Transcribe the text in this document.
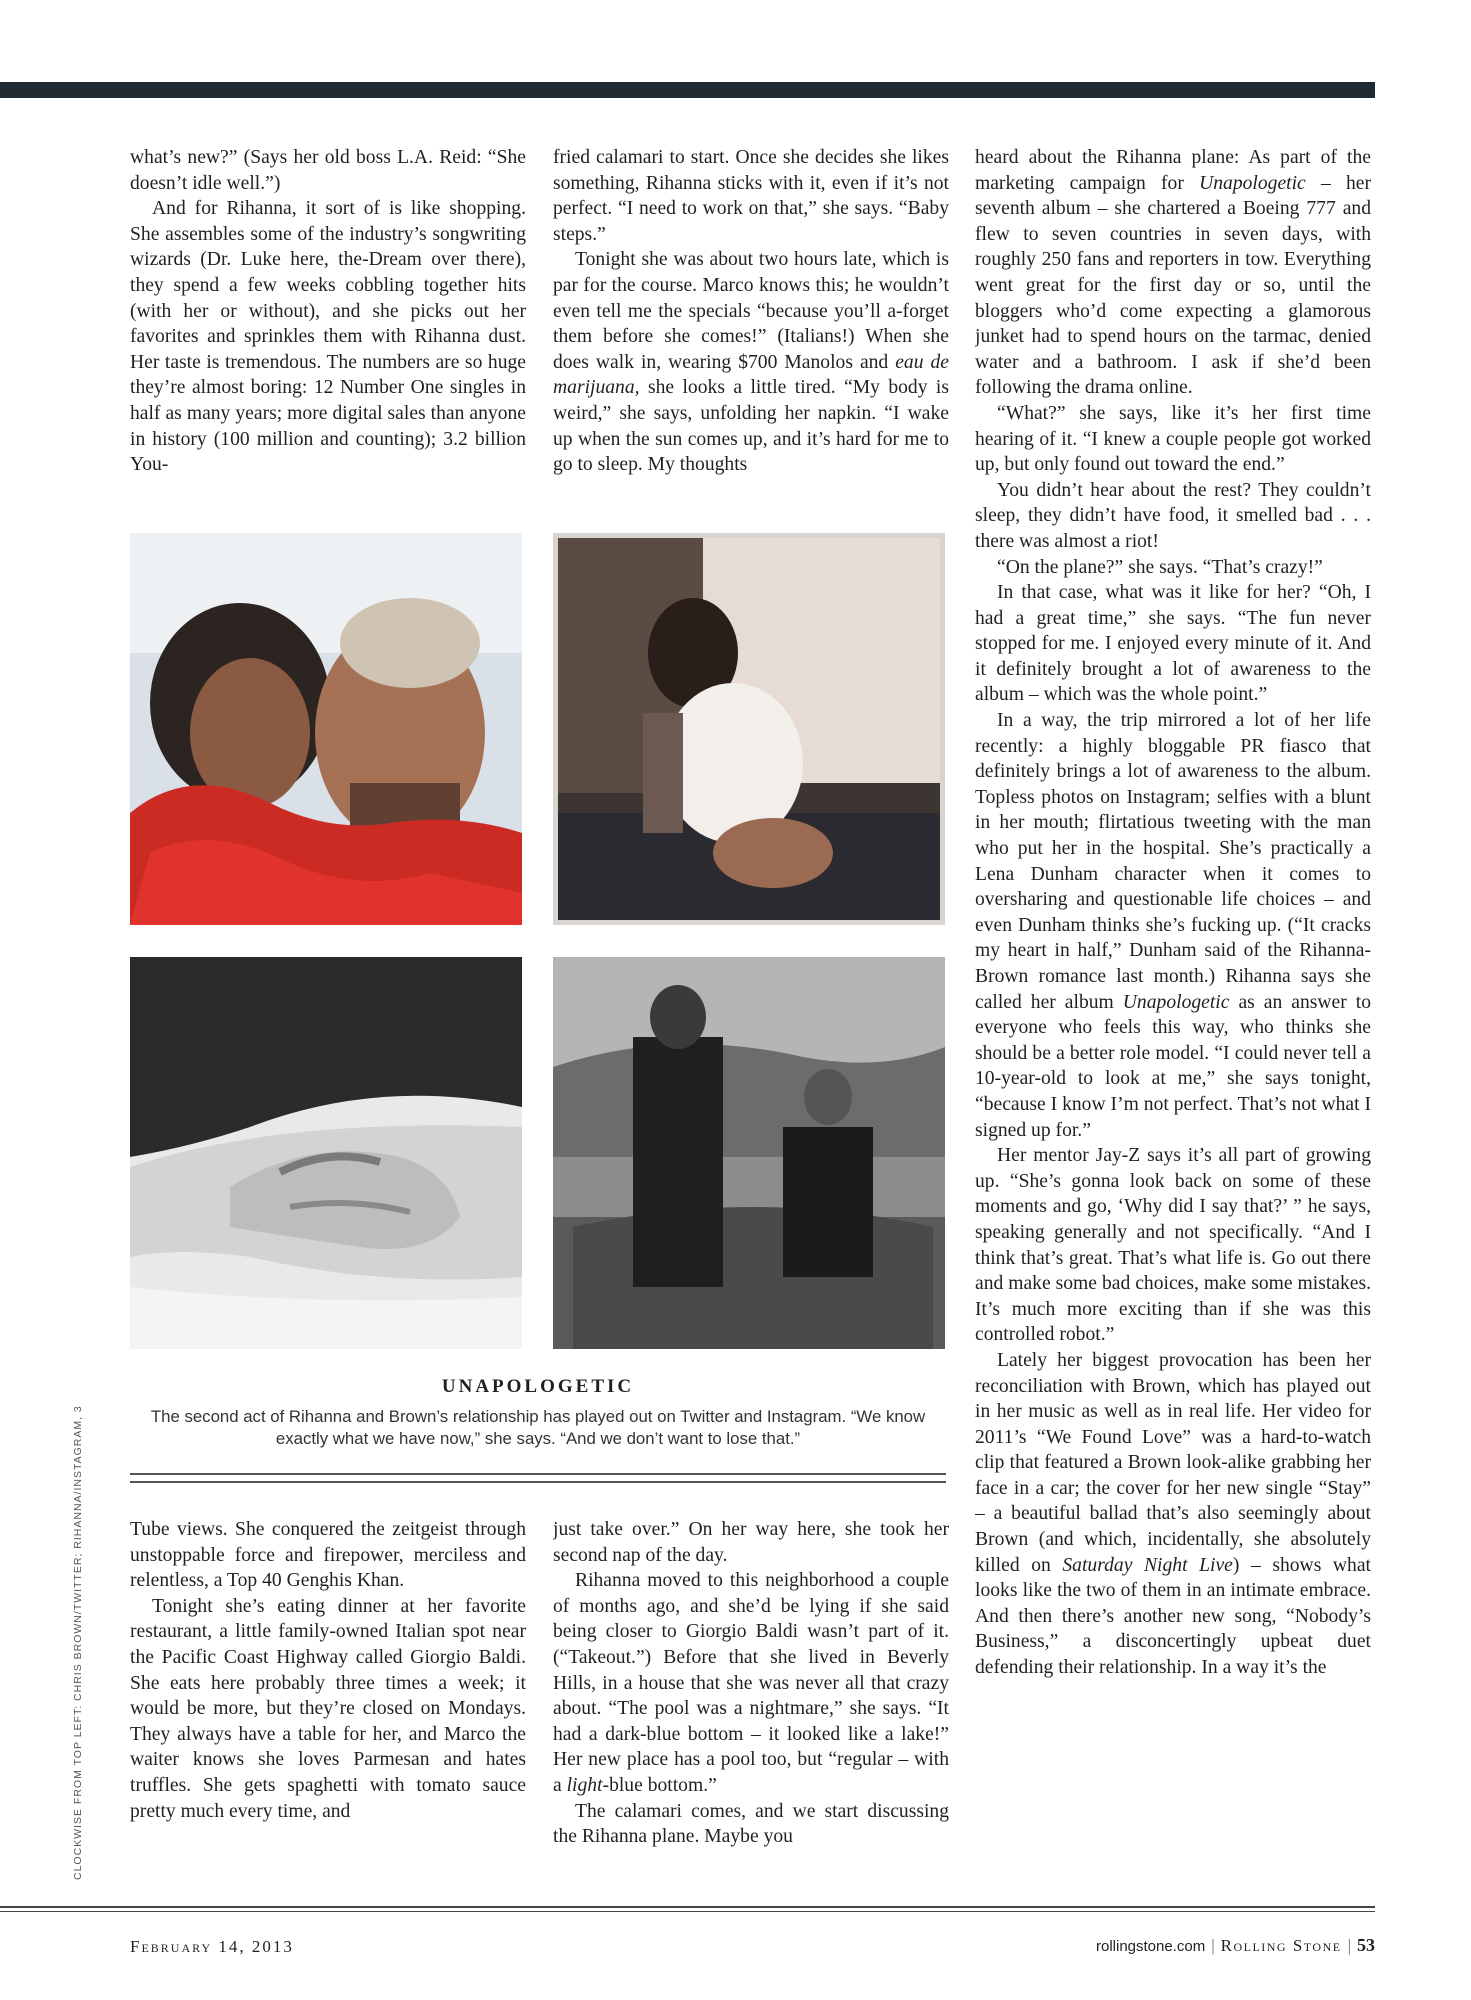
what’s new?” (Says her old boss L.A. Reid: “She doesn’t idle well.”)

And for Rihanna, it sort of is like shopping. She assembles some of the industry’s songwriting wizards (Dr. Luke here, the-Dream over there), they spend a few weeks cobbling together hits (with her or without), and she picks out her favorites and sprinkles them with Rihanna dust. Her taste is tremendous. The numbers are so huge they’re almost boring: 12 Number One singles in half as many years; more digital sales than anyone in history (100 million and counting); 3.2 billion You-

fried calamari to start. Once she decides she likes something, Rihanna sticks with it, even if it’s not perfect. “I need to work on that,” she says. “Baby steps.”

Tonight she was about two hours late, which is par for the course. Marco knows this; he wouldn’t even tell me the specials “because you’ll a-forget them before she comes!” (Italians!) When she does walk in, wearing $700 Manolos and eau de marijuana, she looks a little tired. “My body is weird,” she says, unfolding her napkin. “I wake up when the sun comes up, and it’s hard for me to go to sleep. My thoughts

heard about the Rihanna plane: As part of the marketing campaign for Unapologetic – her seventh album – she chartered a Boeing 777 and flew to seven countries in seven days, with roughly 250 fans and reporters in tow. Everything went great for the first day or so, until the bloggers who’d come expecting a glamorous junket had to spend hours on the tarmac, denied water and a bathroom. I ask if she’d been following the drama online.

“What?” she says, like it’s her first time hearing of it. “I knew a couple people got worked up, but only found out toward the end.”

You didn’t hear about the rest? They couldn’t sleep, they didn’t have food, it smelled bad . . . there was almost a riot!

“On the plane?” she says. “That’s crazy!”

In that case, what was it like for her? “Oh, I had a great time,” she says. “The fun never stopped for me. I enjoyed every minute of it. And it definitely brought a lot of awareness to the album – which was the whole point.”

In a way, the trip mirrored a lot of her life recently: a highly bloggable PR fiasco that definitely brings a lot of awareness to the album. Topless photos on Instagram; selfies with a blunt in her mouth; flirtatious tweeting with the man who put her in the hospital. She’s practically a Lena Dunham character when it comes to oversharing and questionable life choices – and even Dunham thinks she’s fucking up. (“It cracks my heart in half,” Dunham said of the Rihanna-Brown romance last month.) Rihanna says she called her album Unapologetic as an answer to everyone who feels this way, who thinks she should be a better role model. “I could never tell a 10-year-old to look at me,” she says tonight, “because I know I’m not perfect. That’s not what I signed up for.”

Her mentor Jay-Z says it’s all part of growing up. “She’s gonna look back on some of these moments and go, ‘Why did I say that?’ ” he says, speaking generally and not specifically. “And I think that’s great. That’s what life is. Go out there and make some bad choices, make some mistakes. It’s much more exciting than if she was this controlled robot.”

Lately her biggest provocation has been her reconciliation with Brown, which has played out in her music as well as in real life. Her video for 2011’s “We Found Love” was a hard-to-watch clip that featured a Brown look-alike grabbing her face in a car; the cover for her new single “Stay” – a beautiful ballad that’s also seemingly about Brown (and which, incidentally, she absolutely killed on Saturday Night Live) – shows what looks like the two of them in an intimate embrace. And then there’s another new song, “Nobody’s Business,” a disconcertingly upbeat duet defending their relationship. In a way it’s the

Tube views. She conquered the zeitgeist through unstoppable force and firepower, merciless and relentless, a Top 40 Genghis Khan.

Tonight she’s eating dinner at her favorite restaurant, a little family-owned Italian spot near the Pacific Coast Highway called Giorgio Baldi. She eats here probably three times a week; it would be more, but they’re closed on Mondays. They always have a table for her, and Marco the waiter knows she loves Parmesan and hates truffles. She gets spaghetti with tomato sauce pretty much every time, and

just take over.” On her way here, she took her second nap of the day.

Rihanna moved to this neighborhood a couple of months ago, and she’d be lying if she said being closer to Giorgio Baldi wasn’t part of it. (“Takeout.”) Before that she lived in Beverly Hills, in a house that she was never all that crazy about. “The pool was a nightmare,” she says. “It had a dark-blue bottom – it looked like a lake!” Her new place has a pool too, but “regular – with a light-blue bottom.”

The calamari comes, and we start discussing the Rihanna plane. Maybe you

UNAPOLOGETIC
The second act of Rihanna and Brown’s relationship has played out on Twitter and Instagram. “We know exactly what we have now,” she says. “And we don’t want to lose that.”
CLOCKWISE FROM TOP LEFT: CHRIS BROWN/TWITTER; RIHANNA/INSTAGRAM, 3
February 14, 2013	rollingstone.com | Rolling Stone | 53
